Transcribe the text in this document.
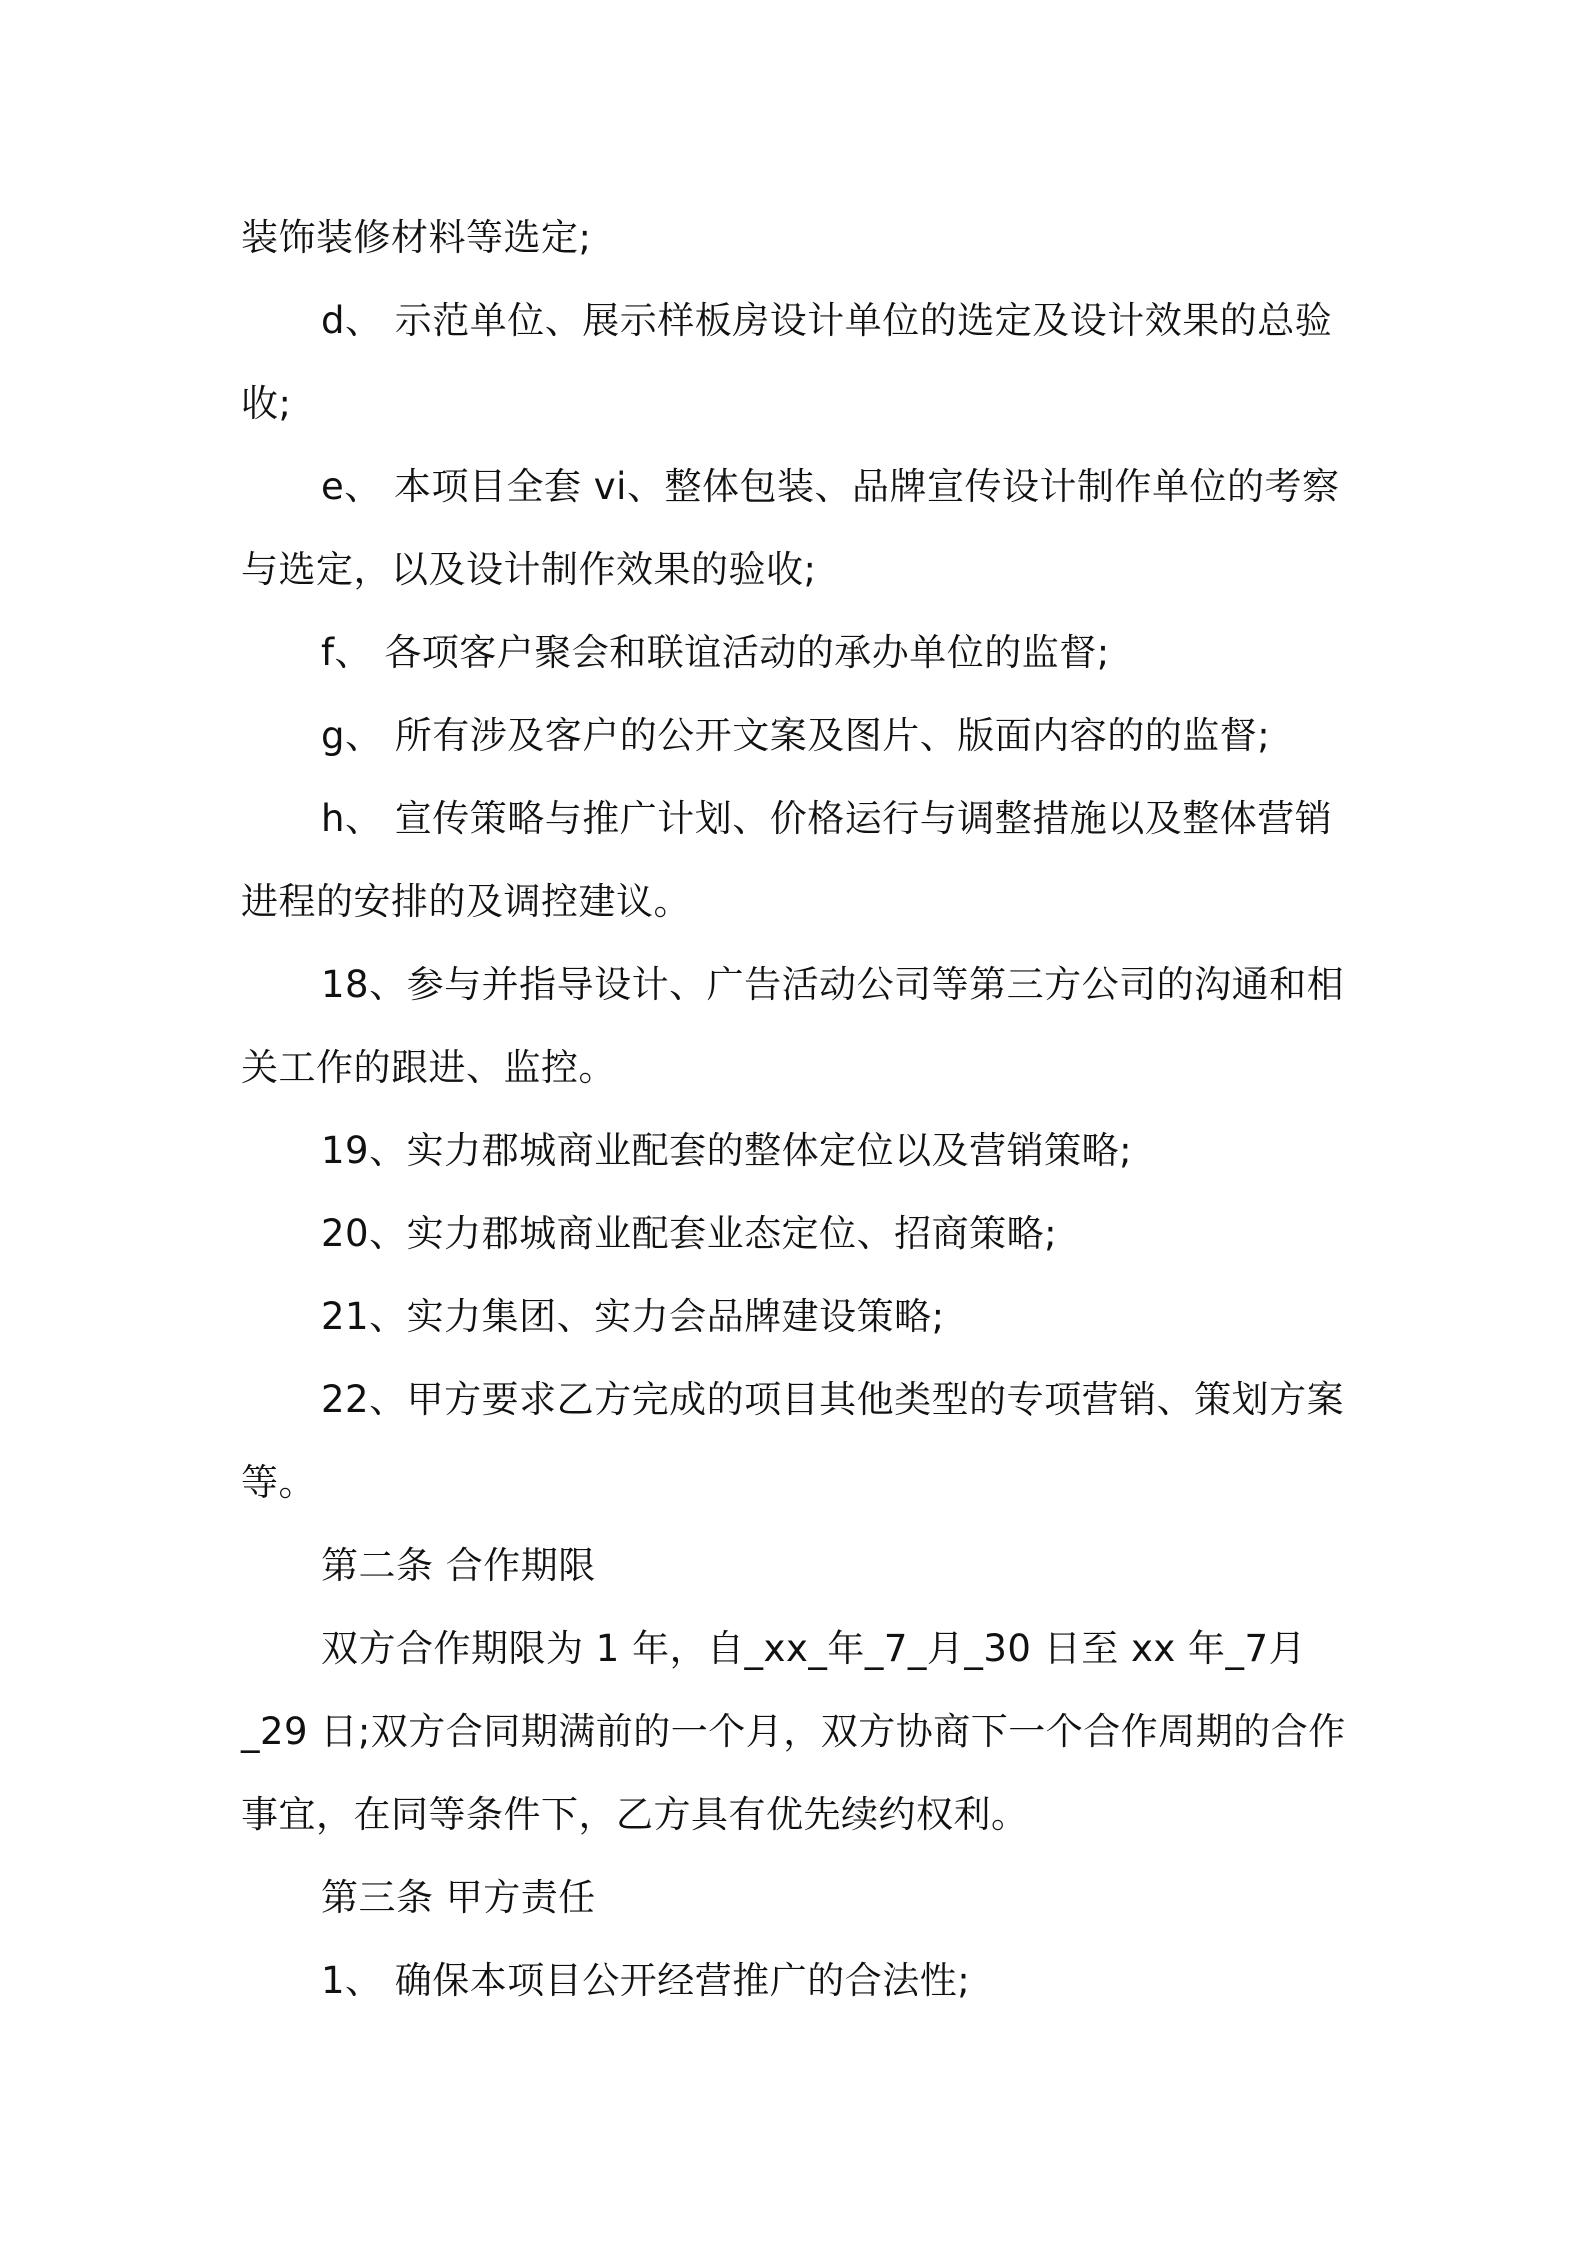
装饰装修材料等选定;

d、 示范单位、展示样板房设计单位的选定及设计效果的总验收;

e、 本项目全套 vi、整体包装、品牌宣传设计制作单位的考察与选定，以及设计制作效果的验收;

f、 各项客户聚会和联谊活动的承办单位的监督;

g、 所有涉及客户的公开文案及图片、版面内容的的监督;

h、 宣传策略与推广计划、价格运行与调整措施以及整体营销进程的安排的及调控建议。

18、参与并指导设计、广告活动公司等第三方公司的沟通和相关工作的跟进、监控。

19、实力郡城商业配套的整体定位以及营销策略;

20、实力郡城商业配套业态定位、招商策略;

21、实力集团、实力会品牌建设策略;

22、甲方要求乙方完成的项目其他类型的专项营销、策划方案等。

第二条 合作期限

双方合作期限为 1 年，自_xx_年_7_月_30 日至 xx 年_7月_29 日;双方合同期满前的一个月，双方协商下一个合作周期的合作事宜，在同等条件下，乙方具有优先续约权利。

第三条 甲方责任

1、 确保本项目公开经营推广的合法性;
